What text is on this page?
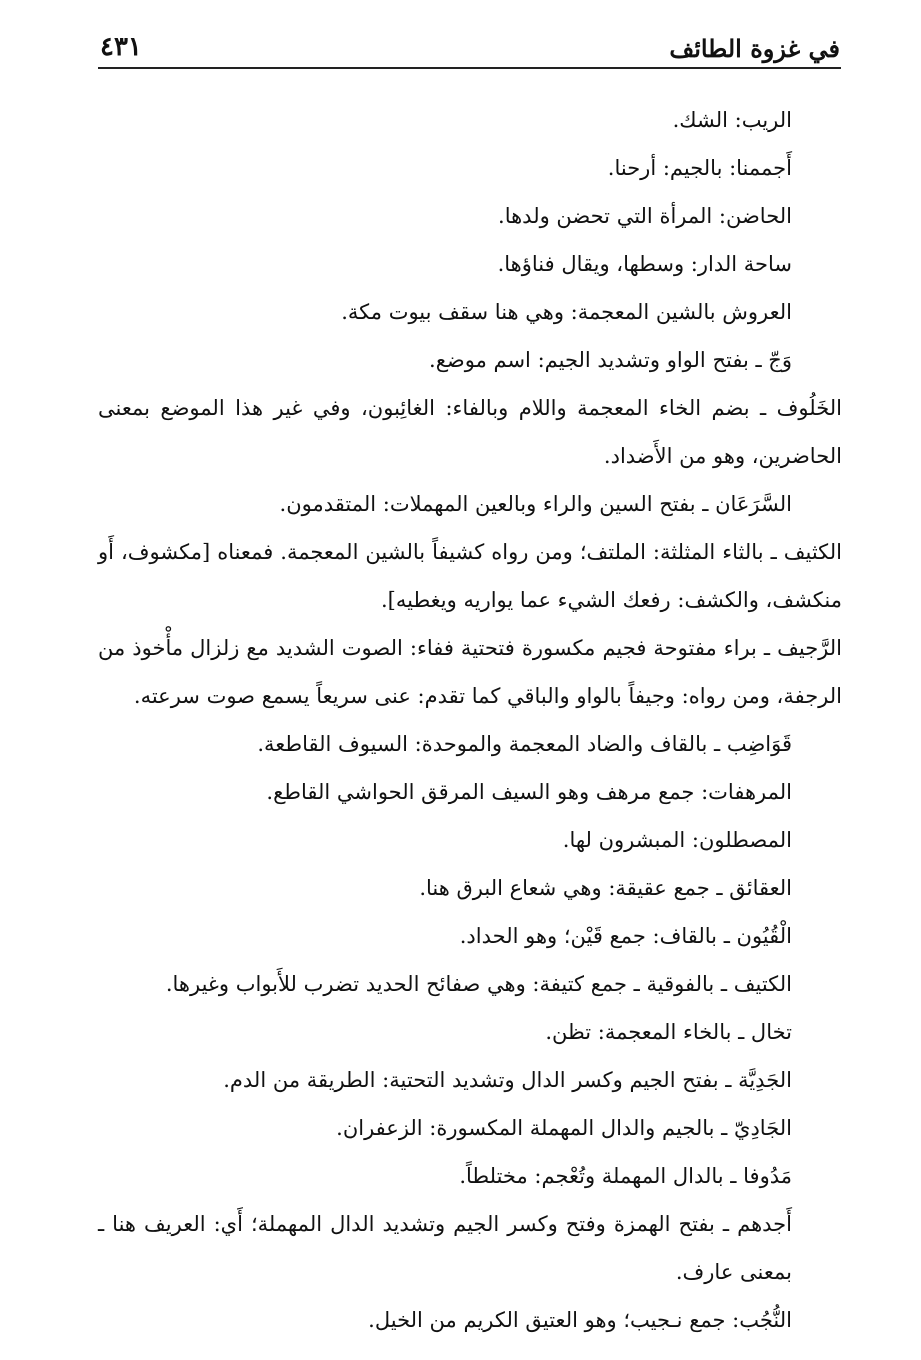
في غزوة الطائف
٤٣١

الريب: الشك.

أَجممنا: بالجيم: أرحنا.

الحاضن: المرأة التي تحضن ولدها.

ساحة الدار: وسطها، ويقال فناؤها.

العروش بالشين المعجمة: وهي هنا سقف بيوت مكة.

وَجّ ـ بفتح الواو وتشديد الجيم: اسم موضع.

الخَلُوف ـ بضم الخاء المعجمة واللام وبالفاء: الغائِبون، وفي غير هذا الموضع بمعنى الحاضرين، وهو من الأَضداد.

السَّرَعَان ـ بفتح السين والراء وبالعين المهملات: المتقدمون.

الكثيف ـ بالثاء المثلثة: الملتف؛ ومن رواه كشيفاً بالشين المعجمة. فمعناه [مكشوف، أَو منكشف، والكشف: رفعك الشيء عما يواريه ويغطيه].

الرَّجيف ـ براء مفتوحة فجيم مكسورة فتحتية ففاء: الصوت الشديد مع زلزال مأْخوذ من الرجفة، ومن رواه: وجيفاً بالواو والباقي كما تقدم: عنى سريعاً يسمع صوت سرعته.

قَوَاضِب ـ بالقاف والضاد المعجمة والموحدة: السيوف القاطعة.

المرهفات: جمع مرهف وهو السيف المرقق الحواشي القاطع.

المصطلون: المبشرون لها.

العقائق ـ جمع عقيقة: وهي شعاع البرق هنا.

الْقُيُون ـ بالقاف: جمع قَيْن؛ وهو الحداد.

الكتيف ـ بالفوقية ـ جمع كتيفة: وهي صفائح الحديد تضرب للأَبواب وغيرها.

تخال ـ بالخاء المعجمة: تظن.

الجَدِيَّة ـ بفتح الجيم وكسر الدال وتشديد التحتية: الطريقة من الدم.

الجَادِيّ ـ بالجيم والدال المهملة المكسورة: الزعفران.

مَدُوفا ـ بالدال المهملة وتُعْجم: مختلطاً.

أَجدهم ـ بفتح الهمزة وفتح وكسر الجيم وتشديد الدال المهملة؛ أَي: العريف هنا ـ بمعنى عارف.

النُّجُب: جمع نـجيب؛ وهو العتيق الكريم من الخيل.
